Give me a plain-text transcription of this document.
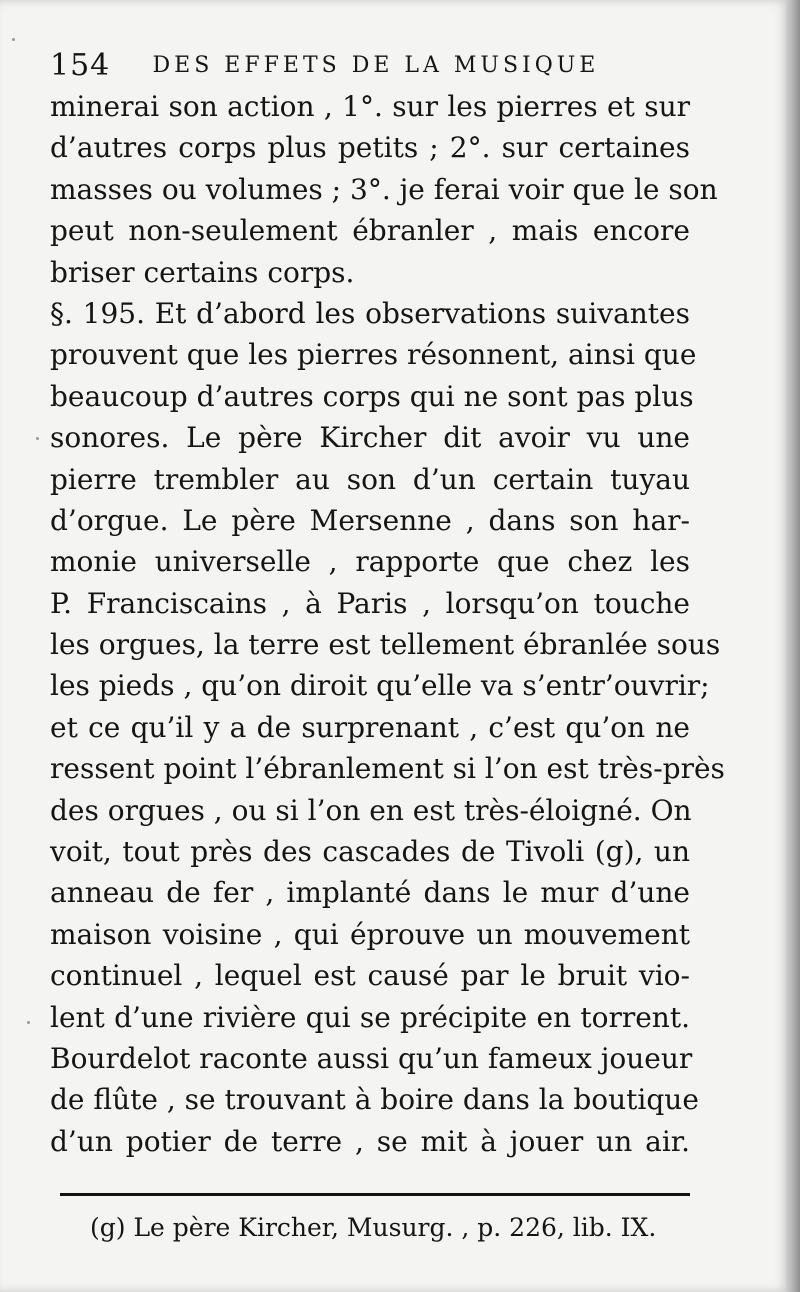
154 DES EFFETS DE LA MUSIQUE
minerai son action , 1°. sur les pierres et sur
d’autres corps plus petits ; 2°. sur certaines
masses ou volumes ; 3°. je ferai voir que le son
peut non-seulement ébranler , mais encore
briser certains corps.
§. 195. Et d’abord les observations suivantes
prouvent que les pierres résonnent, ainsi que
beaucoup d’autres corps qui ne sont pas plus
sonores. Le père Kircher dit avoir vu une
pierre trembler au son d’un certain tuyau
d’orgue. Le père Mersenne , dans son har-
monie universelle , rapporte que chez les
P. Franciscains , à Paris , lorsqu’on touche
les orgues, la terre est tellement ébranlée sous
les pieds , qu’on diroit qu’elle va s’entr’ouvrir;
et ce qu’il y a de surprenant , c’est qu’on ne
ressent point l’ébranlement si l’on est très-près
des orgues , ou si l’on en est très-éloigné. On
voit, tout près des cascades de Tivoli (g), un
anneau de fer , implanté dans le mur d’une
maison voisine , qui éprouve un mouvement
continuel , lequel est causé par le bruit vio-
lent d’une rivière qui se précipite en torrent.
Bourdelot raconte aussi qu’un fameux joueur
de flûte , se trouvant à boire dans la boutique
d’un potier de terre , se mit à jouer un air.
(g) Le père Kircher, Musurg. , p. 226, lib. IX.
